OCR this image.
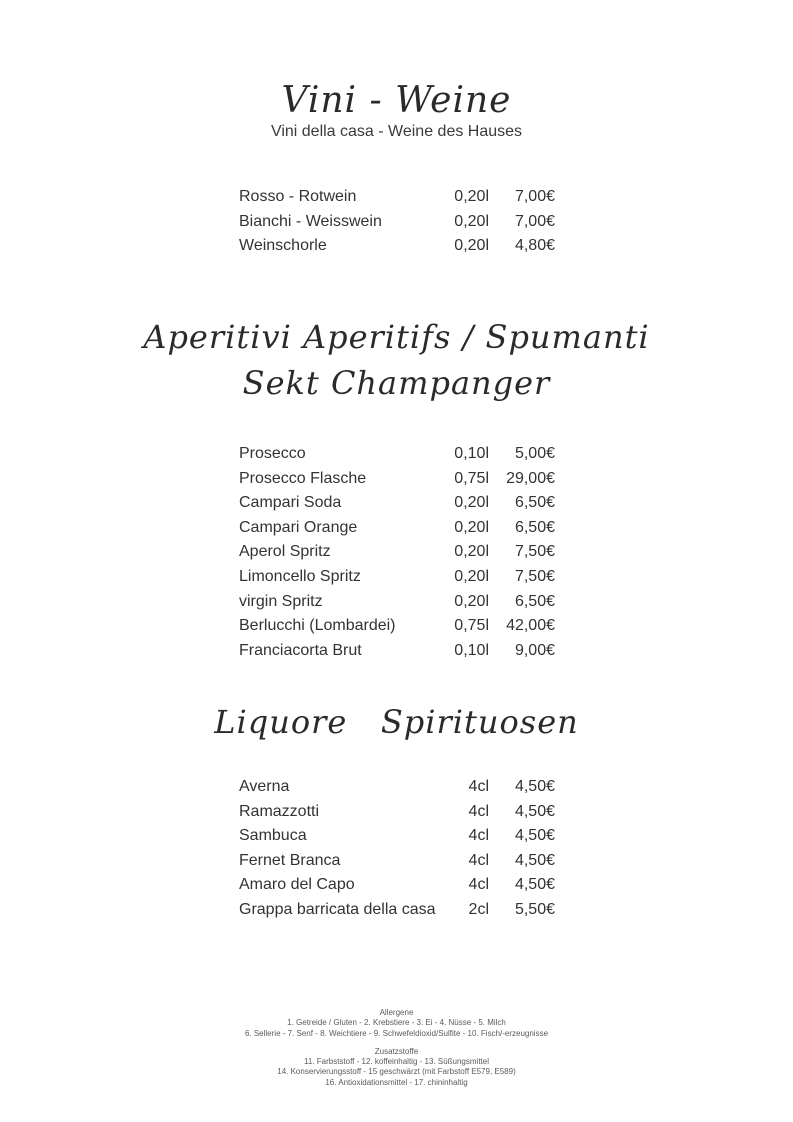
Vini - Weine
Vini della casa - Weine des Hauses
Rosso - Rotwein	0,20l	7,00€
Bianchi - Weisswein	0,20l	7,00€
Weinschorle	0,20l	4,80€
Aperitivi Aperitifs / Spumanti
Sekt Champanger
Prosecco	0,10l	5,00€
Prosecco Flasche	0,75l	29,00€
Campari Soda	0,20l	6,50€
Campari Orange	0,20l	6,50€
Aperol Spritz	0,20l	7,50€
Limoncello Spritz	0,20l	7,50€
virgin Spritz	0,20l	6,50€
Berlucchi (Lombardei)	0,75l	42,00€
Franciacorta Brut	0,10l	9,00€
Liquore   Spirituosen
Averna	4cl	4,50€
Ramazzotti	4cl	4,50€
Sambuca	4cl	4,50€
Fernet Branca	4cl	4,50€
Amaro del Capo	4cl	4,50€
Grappa barricata della casa	2cl	5,50€
Allergene
1. Getreide / Gluten - 2. Krebstiere - 3. Ei - 4. Nüsse - 5. Milch
6. Sellerie - 7. Senf - 8. Weichtiere - 9. Schwefeldioxid/Sulfite - 10. Fisch/-erzeugnisse
Zusatzstoffe
11. Farbststoff - 12. koffeinhaltig - 13. Süßungsmittel
14. Konservierungsstoff - 15 geschwärzt (mit Farbstoff E579, E589)
16. Antioxidationsmittel - 17. chininhaltig
